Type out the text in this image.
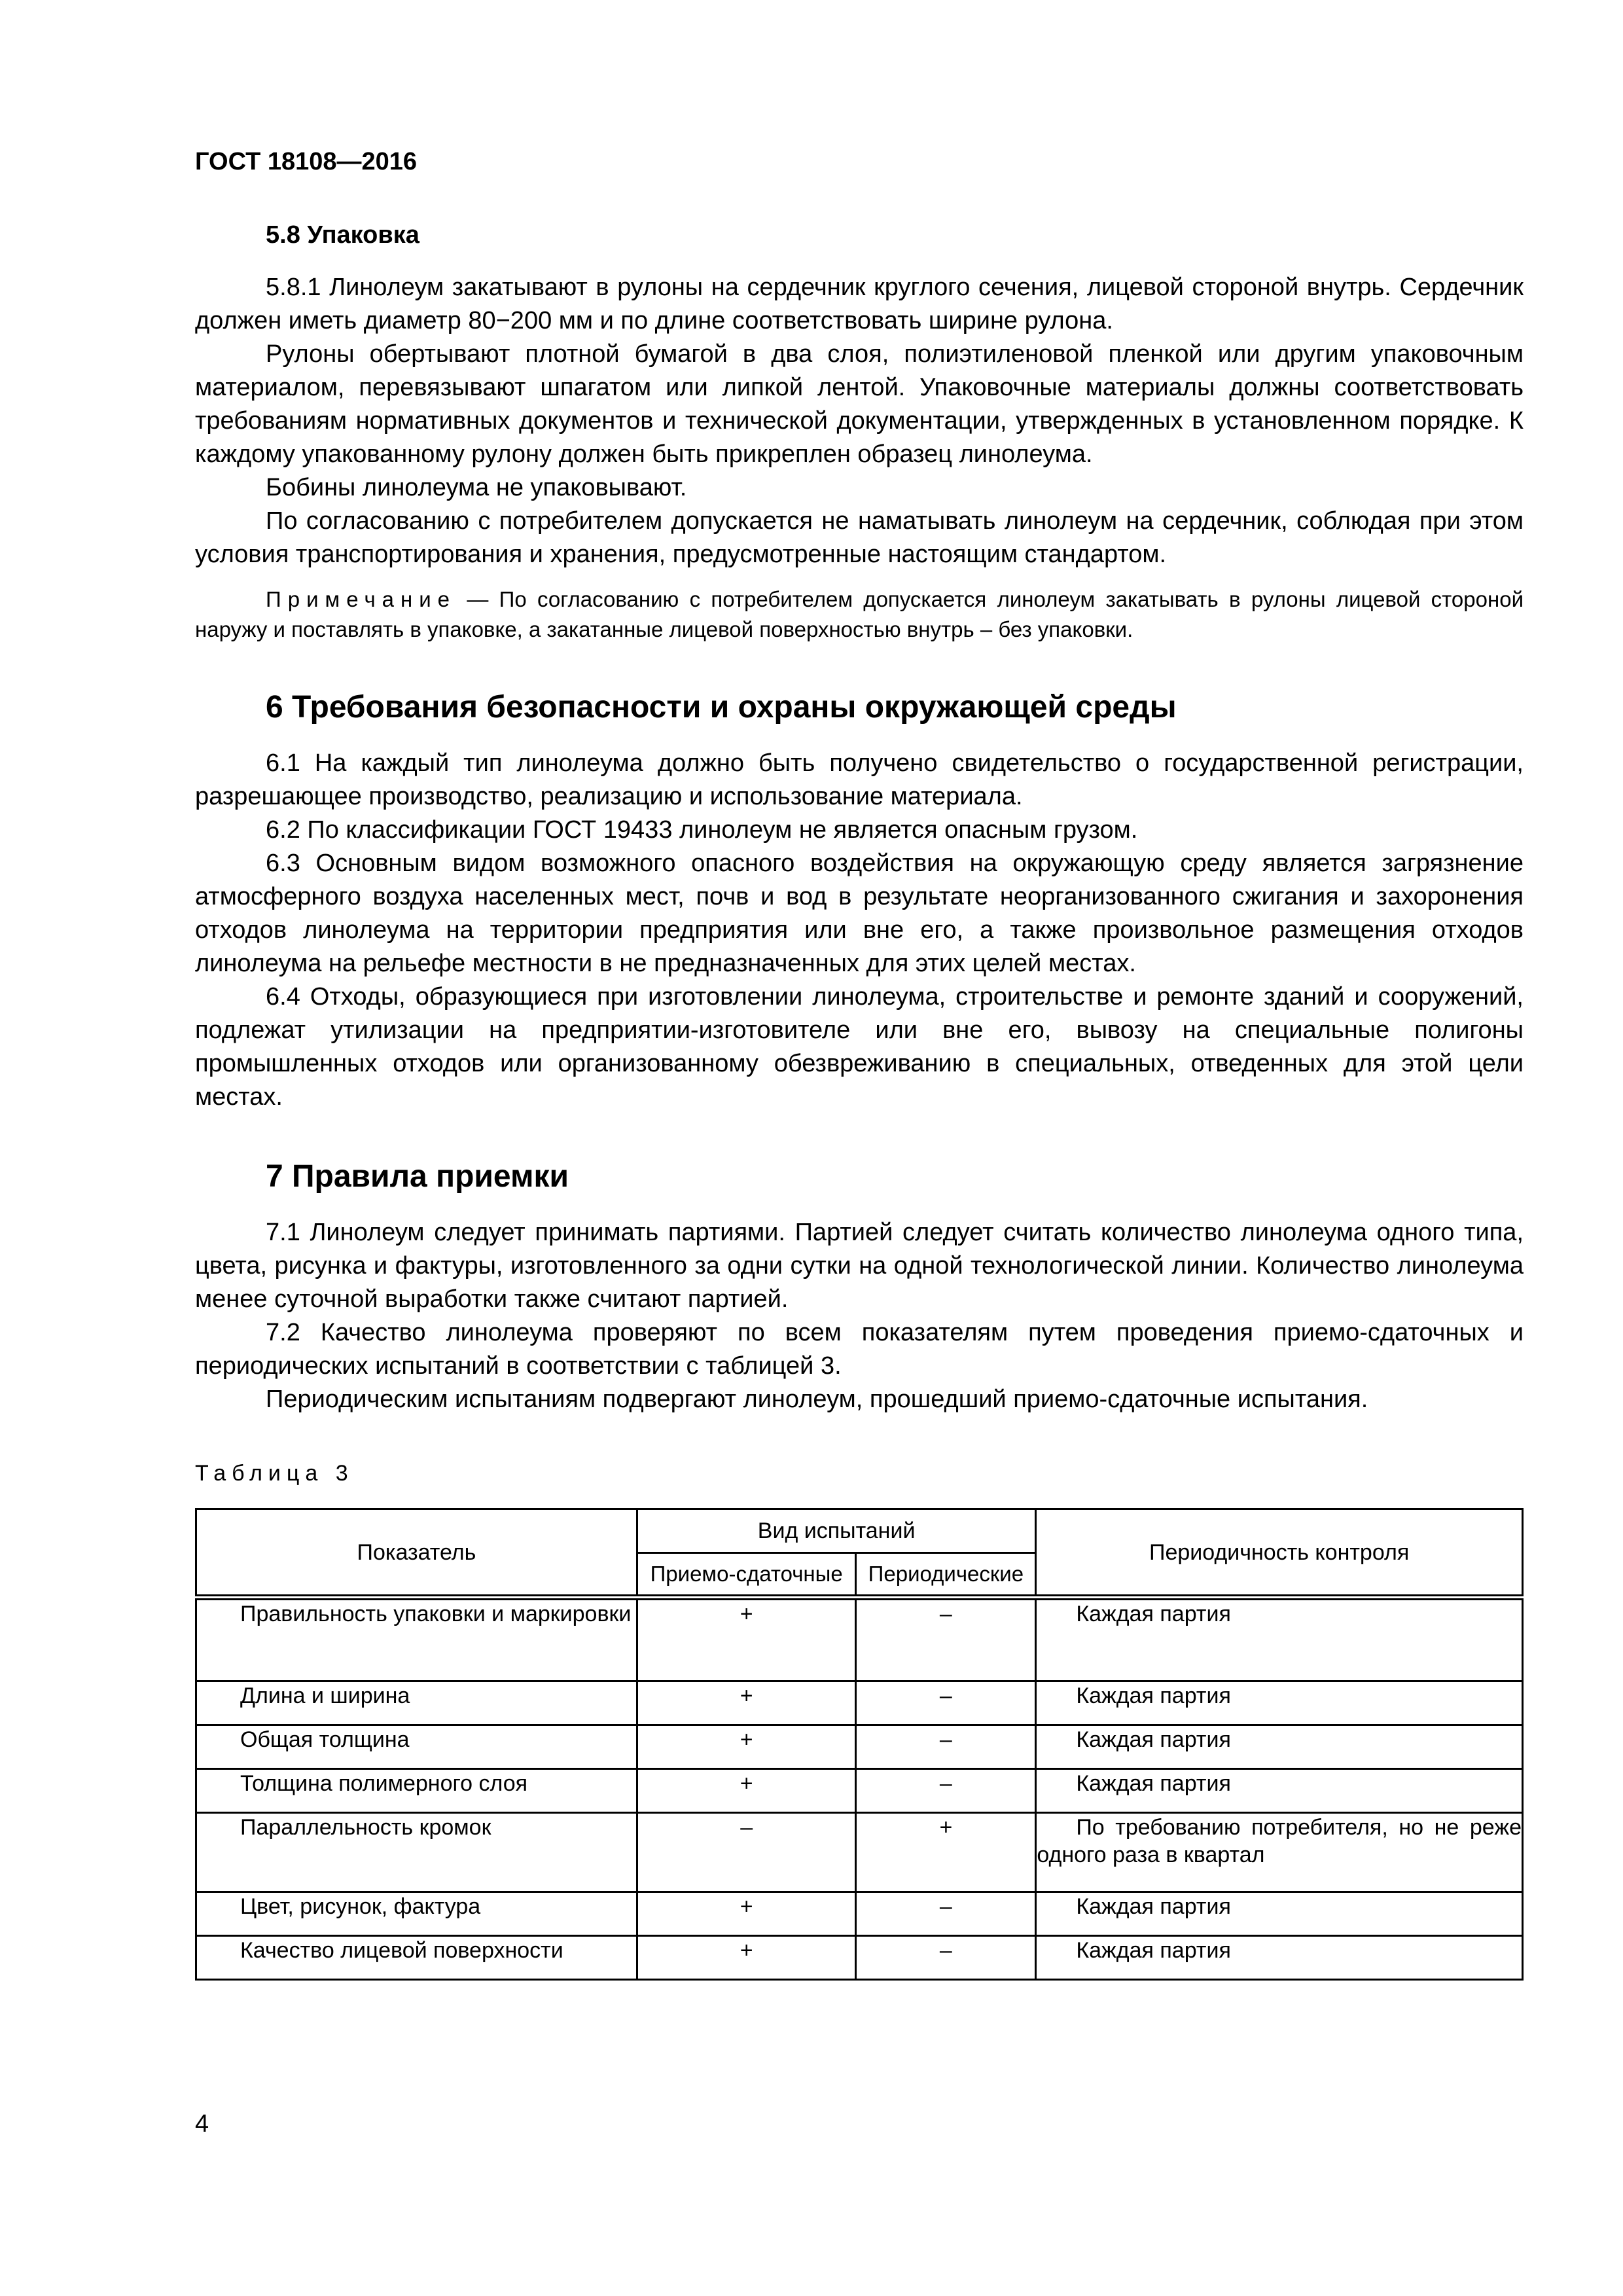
ГОСТ 18108—2016
5.8 Упаковка

5.8.1 Линолеум закатывают в рулоны на сердечник круглого сечения, лицевой стороной внутрь. Сердечник должен иметь диаметр 80−200 мм и по длине соответствовать ширине рулона.

Рулоны обертывают плотной бумагой в два слоя, полиэтиленовой пленкой или другим упаковочным материалом, перевязывают шпагатом или липкой лентой. Упаковочные материалы должны соответствовать требованиям нормативных документов и технической документации, утвержденных в установленном порядке. К каждому упакованному рулону должен быть прикреплен образец линолеума.

Бобины линолеума не упаковывают.

По согласованию с потребителем допускается не наматывать линолеум на сердечник, соблюдая при этом условия транспортирования и хранения, предусмотренные настоящим стандартом.

Примечание — По согласованию с потребителем допускается линолеум закатывать в рулоны лицевой стороной наружу и поставлять в упаковке, а закатанные лицевой поверхностью внутрь – без упаковки.

6 Требования безопасности и охраны окружающей среды

6.1 На каждый тип линолеума должно быть получено свидетельство о государственной регистрации, разрешающее производство, реализацию и использование материала.

6.2 По классификации ГОСТ 19433 линолеум не является опасным грузом.

6.3 Основным видом возможного опасного воздействия на окружающую среду является загрязнение атмосферного воздуха населенных мест, почв и вод в результате неорганизованного сжигания и захоронения отходов линолеума на территории предприятия или вне его, а также произвольное размещения отходов линолеума на рельефе местности в не предназначенных для этих целей местах.

6.4 Отходы, образующиеся при изготовлении линолеума, строительстве и ремонте зданий и сооружений, подлежат утилизации на предприятии-изготовителе или вне его, вывозу на специальные полигоны промышленных отходов или организованному обезвреживанию в специальных, отведенных для этой цели местах.

7 Правила приемки

7.1 Линолеум следует принимать партиями. Партией следует считать количество линолеума одного типа, цвета, рисунка и фактуры, изготовленного за одни сутки на одной технологической линии. Количество линолеума менее суточной выработки также считают партией.

7.2 Качество линолеума проверяют по всем показателям путем проведения приемо-сдаточных и периодических испытаний в соответствии с таблицей 3.

Периодическим испытаниям подвергают линолеум, прошедший приемо-сдаточные испытания.

Таблица 3
Показатель	Вид испытаний		Периодичность контроля
	Приемо-сдаточные	Периодические	
Правильность упаковки и маркировки	+	–	Каждая партия
Длина и ширина	+	–	Каждая партия
Общая толщина	+	–	Каждая партия
Толщина полимерного слоя	+	–	Каждая партия
Параллельность кромок	–	+	По требованию потребителя, но не реже одного раза в квартал
Цвет, рисунок, фактура	+	–	Каждая партия
Качество лицевой поверхности	+	–	Каждая партия
4
